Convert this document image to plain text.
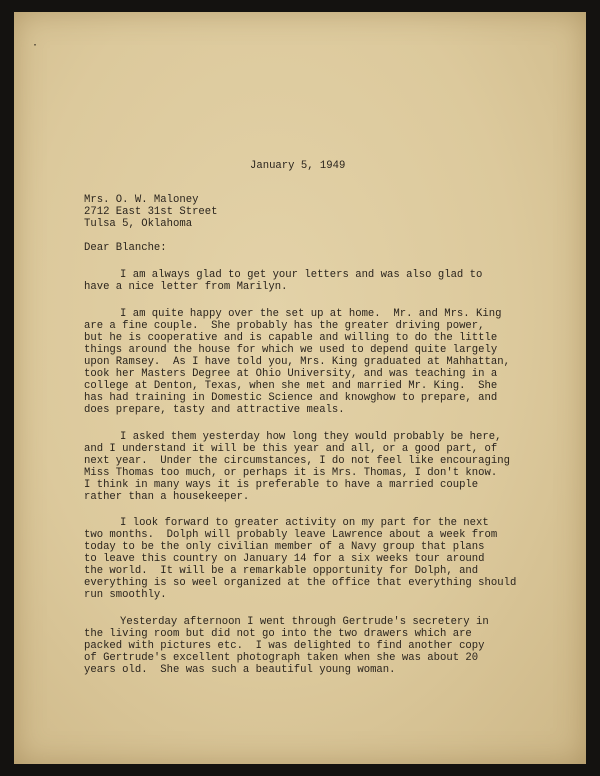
·
January 5, 1949
Mrs. O. W. Maloney
2712 East 31st Street
Tulsa 5, Oklahoma
Dear Blanche:
I am always glad to get your letters and was also glad to
have a nice letter from Marilyn.
I am quite happy over the set up at home.  Mr. and Mrs. King
are a fine couple.  She probably has the greater driving power,
but he is cooperative and is capable and willing to do the little
things around the house for which we used to depend quite largely
upon Ramsey.  As I have told you, Mrs. King graduated at Mahhattan,
took her Masters Degree at Ohio University, and was teaching in a
college at Denton, Texas, when she met and married Mr. King.  She
has had training in Domestic Science and knowghow to prepare, and
does prepare, tasty and attractive meals.
I asked them yesterday how long they would probably be here,
and I understand it will be this year and all, or a good part, of
next year.  Under the circumstances, I do not feel like encouraging
Miss Thomas too much, or perhaps it is Mrs. Thomas, I don't know.
I think in many ways it is preferable to have a married couple
rather than a housekeeper.
I look forward to greater activity on my part for the next
two months.  Dolph will probably leave Lawrence about a week from
today to be the only civilian member of a Navy group that plans
to leave this country on January 14 for a six weeks tour around
the world.  It will be a remarkable opportunity for Dolph, and
everything is so weel organized at the office that everything should
run smoothly.
Yesterday afternoon I went through Gertrude's secretery in
the living room but did not go into the two drawers which are
packed with pictures etc.  I was delighted to find another copy
of Gertrude's excellent photograph taken when she was about 20
years old.  She was such a beautiful young woman.
